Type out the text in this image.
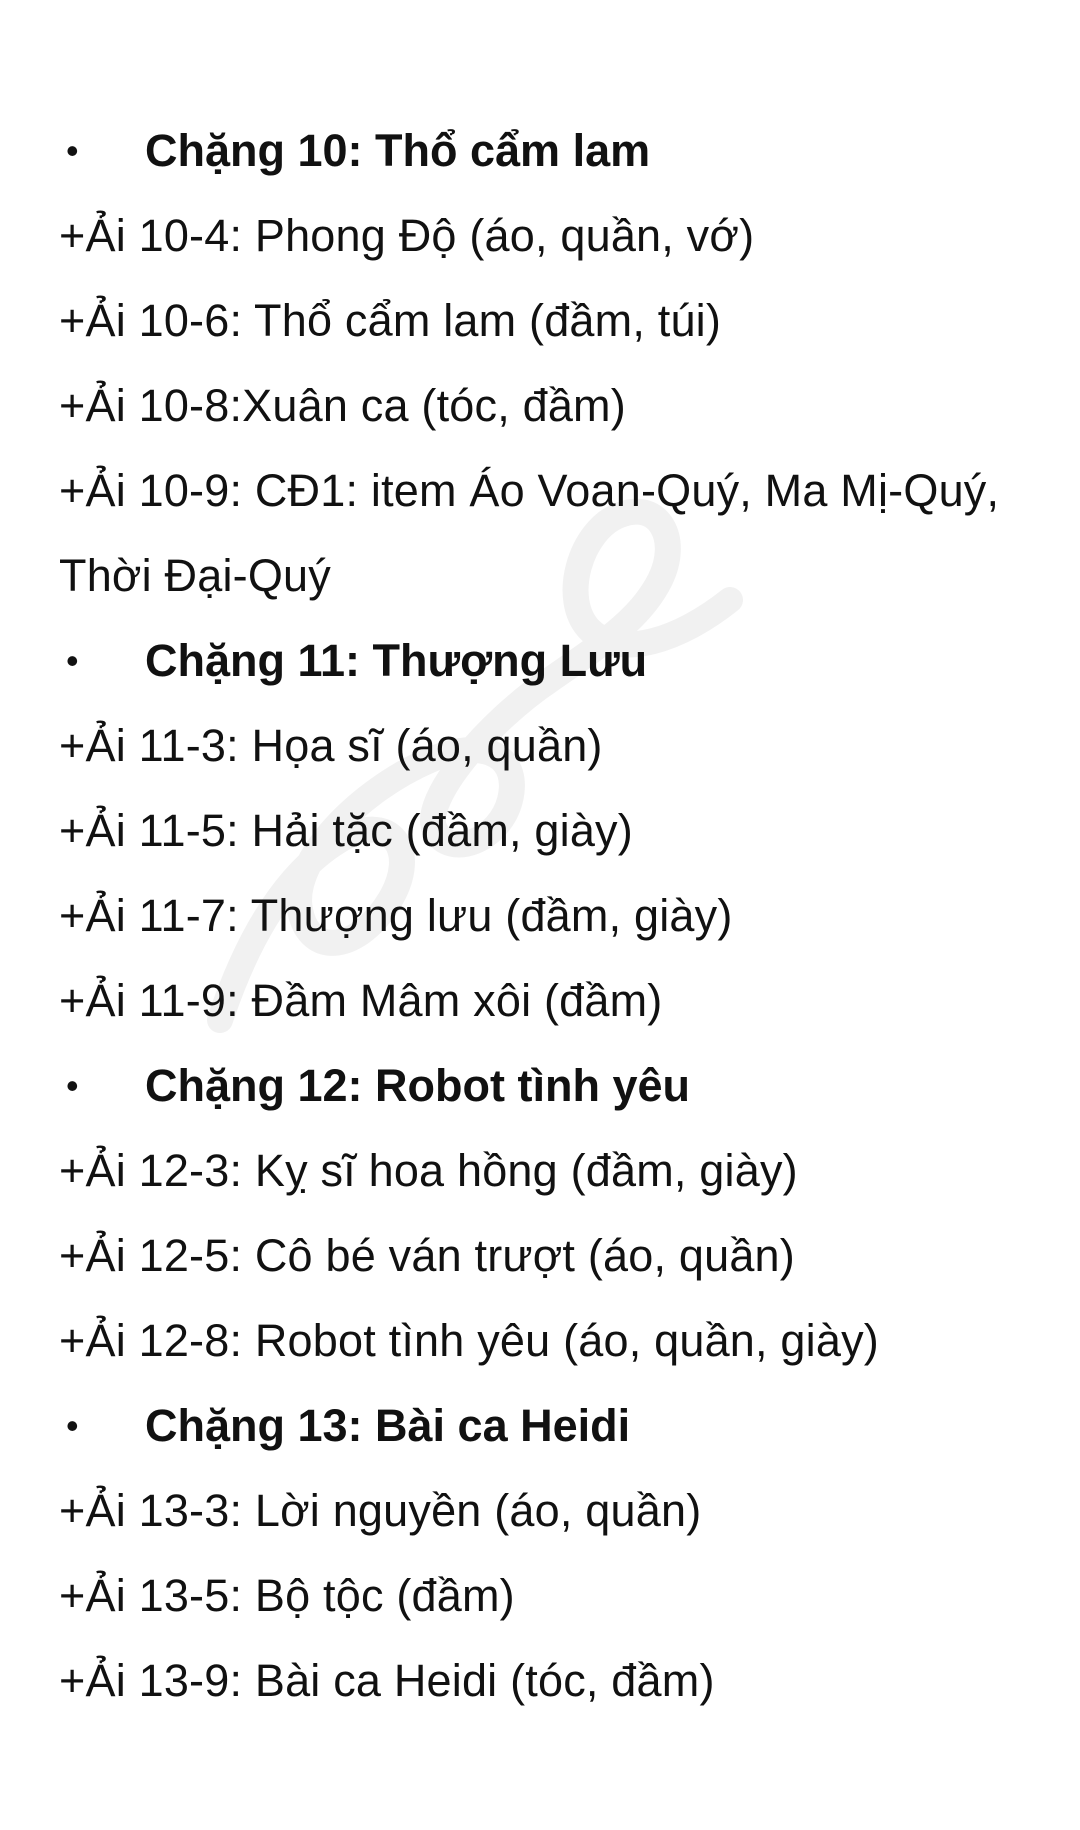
• Chặng 10: Thổ cẩm lam
+Ải 10-4: Phong Độ (áo, quần, vớ)
+Ải 10-6: Thổ cẩm lam (đầm, túi)
+Ải 10-8:Xuân ca (tóc, đầm)
+Ải 10-9: CĐ1: item Áo Voan-Quý, Ma Mị-Quý,
Thời Đại-Quý
• Chặng 11: Thượng Lưu
+Ải 11-3: Họa sĩ (áo, quần)
+Ải 11-5: Hải tặc (đầm, giày)
+Ải 11-7: Thượng lưu (đầm, giày)
+Ải 11-9: Đầm Mâm xôi (đầm)
• Chặng 12: Robot tình yêu
+Ải 12-3: Kỵ sĩ hoa hồng (đầm, giày)
+Ải 12-5: Cô bé ván trượt (áo, quần)
+Ải 12-8: Robot tình yêu (áo, quần, giày)
• Chặng 13: Bài ca Heidi
+Ải 13-3: Lời nguyền (áo, quần)
+Ải 13-5: Bộ tộc (đầm)
+Ải 13-9: Bài ca Heidi (tóc, đầm)
